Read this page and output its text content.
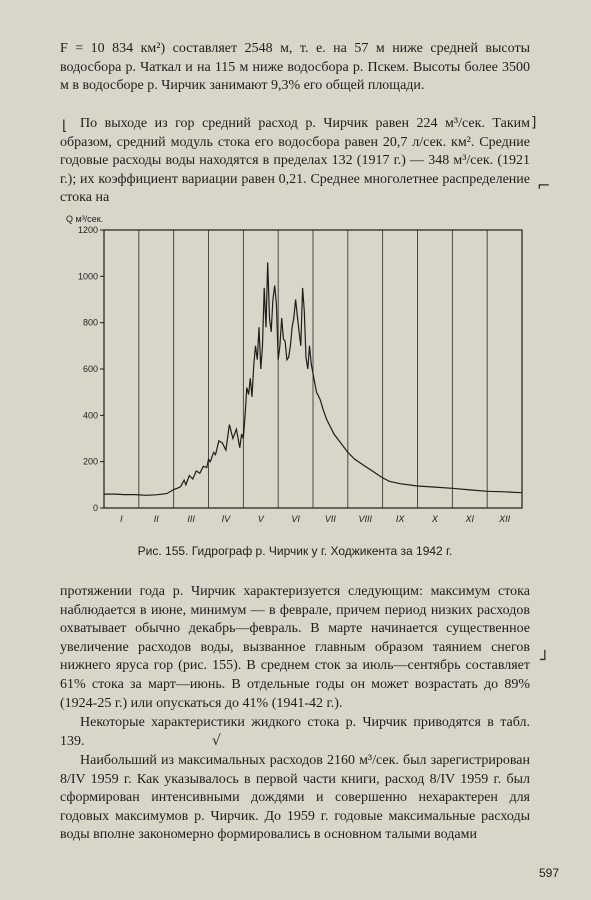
F = 10 834 км²) составляет 2548 м, т. е. на 57 м ниже средней высоты водосбора р. Чаткал и на 115 м ниже водосбора р. Пскем. Высоты более 3500 м в водосборе р. Чирчик занимают 9,3% его общей площади.

По выходе из гор средний расход р. Чирчик равен 224 м³/сек. Таким образом, средний модуль стока его водосбора равен 20,7 л/сек. км². Средние годовые расходы воды находятся в пределах 132 (1917 г.) — 348 м³/сек. (1921 г.); их коэффициент вариации равен 0,21. Среднее многолетнее распределение стока на

⌊	]
⌐
0
200
400
600
800
1000
1200
I	II	III	IV	V	VI	VII	VIII	IX	X	XI	XII
Q м³/сек.
Рис. 155. Гидрограф р. Чирчик у г. Ходжикента за 1942 г.

протяжении года р. Чирчик характеризуется следующим: максимум стока наблюдается в июне, минимум — в феврале, причем период низких расходов охватывает обычно декабрь—февраль. В марте начинается существенное увеличение расходов воды, вызванное главным образом таянием снегов нижнего яруса гор (рис. 155). В среднем сток за июль—сентябрь составляет 61% стока за март—июнь. В отдельные годы он может возрастать до 89% (1924-25 г.) или опускаться до 41% (1941-42 г.).

┘

Некоторые характеристики жидкого стока р. Чирчик приводятся в табл. 139.	√

Наибольший из максимальных расходов 2160 м³/сек. был зарегистрирован 8/IV 1959 г. Как указывалось в первой части книги, расход 8/IV 1959 г. был сформирован интенсивными дождями и совершенно нехарактерен для годовых максимумов р. Чирчик. До 1959 г. годовые максимальные расходы воды вполне закономерно формировались в основном талыми водами

597
